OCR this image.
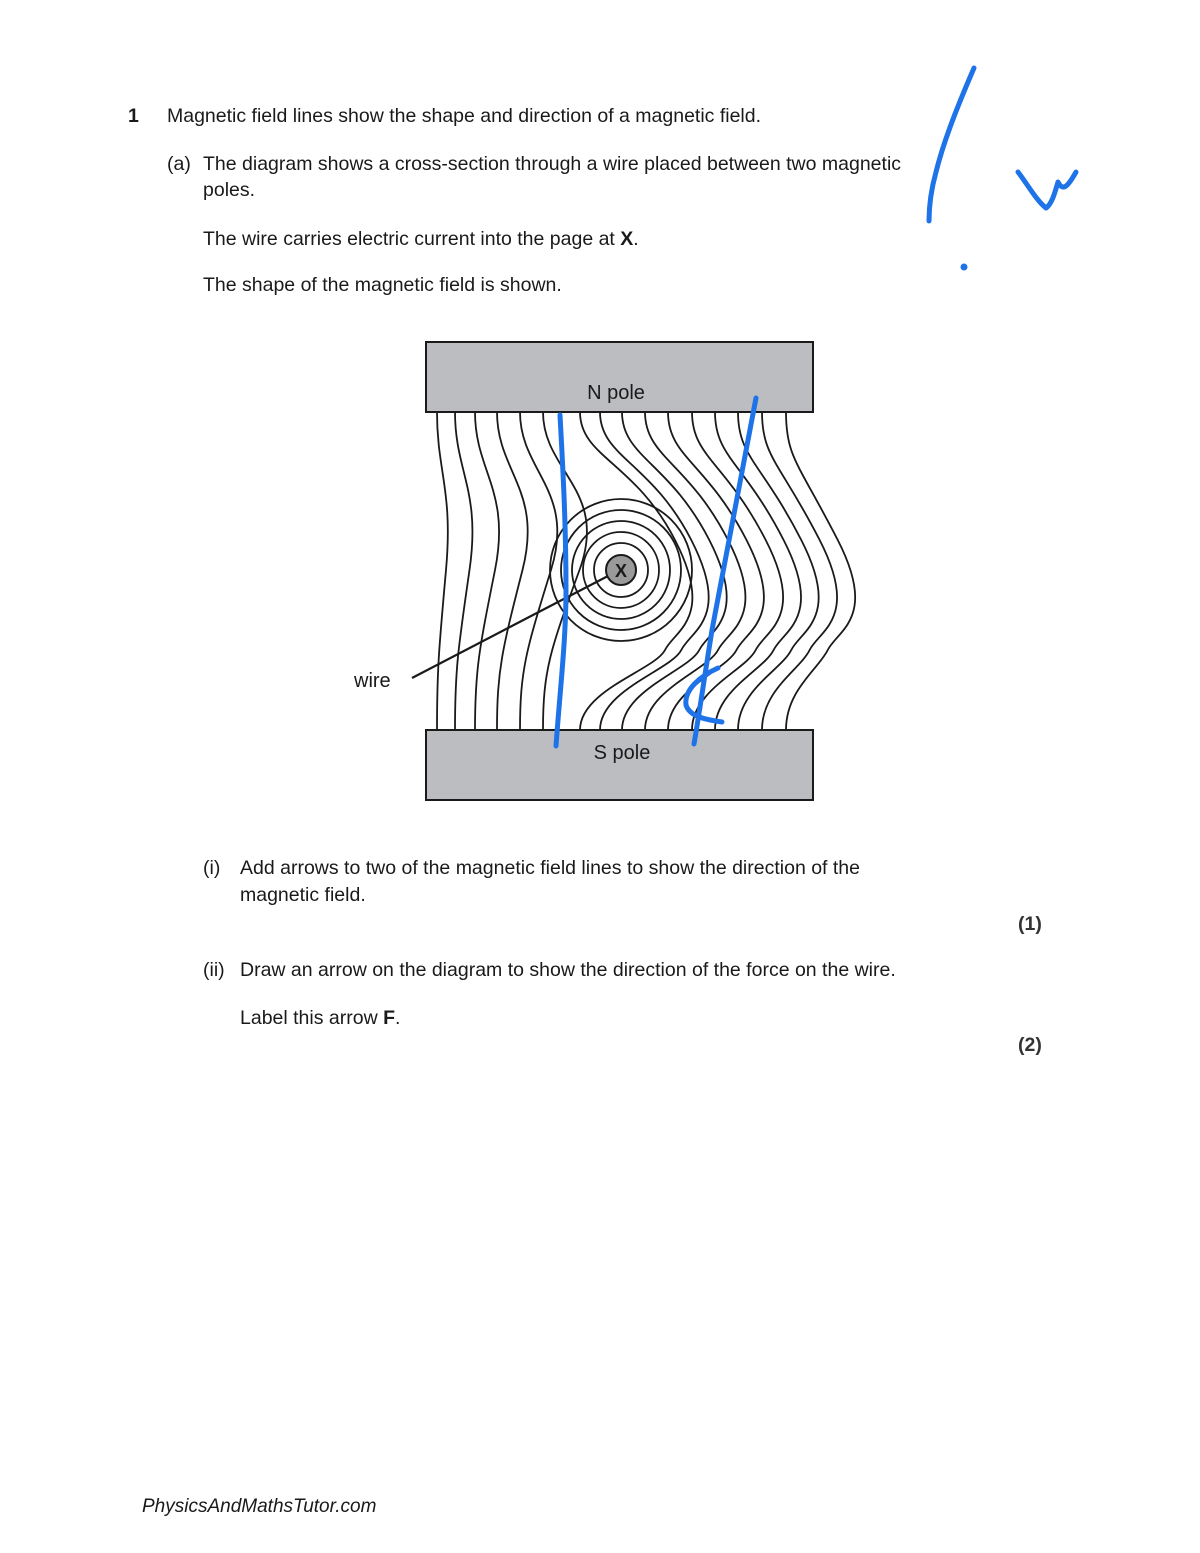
1 Magnetic field lines show the shape and direction of a magnetic field.
(a) The diagram shows a cross-section through a wire placed between two magnetic
poles.
The wire carries electric current into the page at X.
The shape of the magnetic field is shown.
N pole
S pole
X
wire
(i) Add arrows to two of the magnetic field lines to show the direction of the
magnetic field.
(1)
(ii) Draw an arrow on the diagram to show the direction of the force on the wire.
Label this arrow F.
(2)
PhysicsAndMathsTutor.com
